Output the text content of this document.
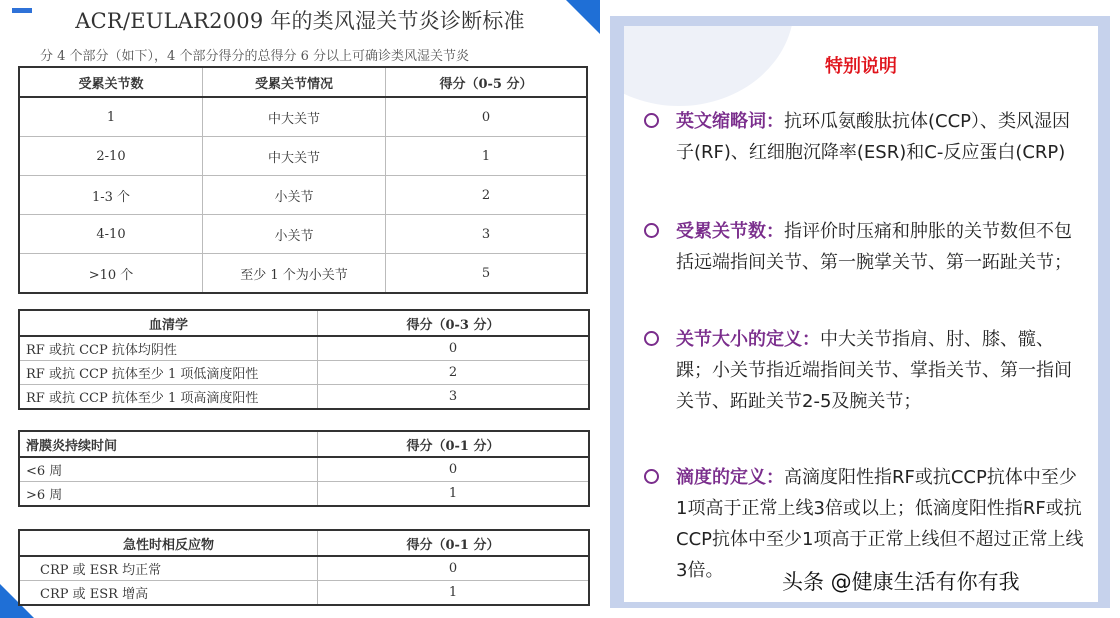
ACR/EULAR2009 年的类风湿关节炎诊断标准
分 4 个部分（如下），4 个部分得分的总得分 6 分以上可确诊类风湿关节炎
受累关节数	受累关节情况	得分（0-5 分）
1	中大关节	0
2-10	中大关节	1
1-3 个	小关节	2
4-10	小关节	3
>10 个	至少 1 个为小关节	5
血清学	得分（0-3 分）
RF 或抗 CCP 抗体均阴性	0
RF 或抗 CCP 抗体至少 1 项低滴度阳性	2
RF 或抗 CCP 抗体至少 1 项高滴度阳性	3
滑膜炎持续时间	得分（0-1 分）
<6 周	0
>6 周	1
急性时相反应物	得分（0-1 分）
CRP 或 ESR 均正常	0
CRP 或 ESR 增高	1
特别说明
英文缩略词：抗环瓜氨酸肽抗体(CCP）、类风湿因子(RF)、红细胞沉降率(ESR)和C-反应蛋白(CRP)
受累关节数：指评价时压痛和肿胀的关节数但不包括远端指间关节、第一腕掌关节、第一跖趾关节；
关节大小的定义：中大关节指肩、肘、膝、髋、踝；小关节指近端指间关节、掌指关节、第一指间关节、跖趾关节2-5及腕关节；
滴度的定义：高滴度阳性指RF或抗CCP抗体中至少1项高于正常上线3倍或以上；低滴度阳性指RF或抗CCP抗体中至少1项高于正常上线但不超过正常上线3倍。	头条 @健康生活有你有我
